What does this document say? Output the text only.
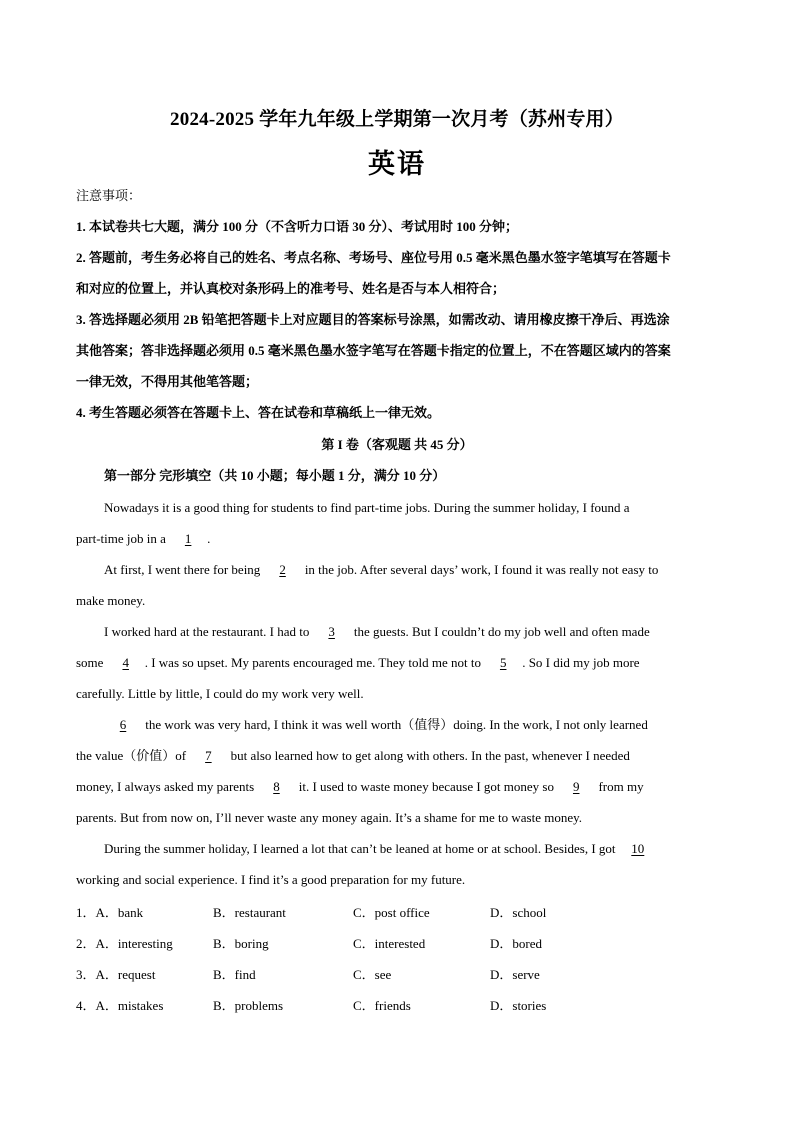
2024-2025 学年九年级上学期第一次月考（苏州专用）
英语
注意事项：
1. 本试卷共七大题，满分 100 分（不含听力口语 30 分）、考试用时 100 分钟；
2. 答题前，考生务必将自己的姓名、考点名称、考场号、座位号用 0.5 毫米黑色墨水签字笔填写在答题卡
和对应的位置上，并认真校对条形码上的准考号、姓名是否与本人相符合；
3. 答选择题必须用 2B 铅笔把答题卡上对应题目的答案标号涂黑，如需改动、请用橡皮擦干净后、再选涂
其他答案；答非选择题必须用 0.5 毫米黑色墨水签字笔写在答题卡指定的位置上，不在答题区域内的答案
一律无效，不得用其他笔答题；
4. 考生答题必须答在答题卡上、答在试卷和草稿纸上一律无效。
第 I 卷（客观题 共 45 分）
第一部分 完形填空（共 10 小题；每小题 1 分，满分 10 分）
Nowadays it is a good thing for students to find part-time jobs. During the summer holiday, I found a
part-time job in a 1 .
At first, I went there for being 2 in the job. After several days’ work, I found it was really not easy to
make money.
I worked hard at the restaurant. I had to 3 the guests. But I couldn’t do my job well and often made
some 4 . I was so upset. My parents encouraged me. They told me not to 5 . So I did my job more
carefully. Little by little, I could do my work very well.
6 the work was very hard, I think it was well worth（值得）doing. In the work, I not only learned
the value（价值）of 7 but also learned how to get along with others. In the past, whenever I needed
money, I always asked my parents 8 it. I used to waste money because I got money so 9 from my
parents. But from now on, I’ll never waste any money again. It’s a shame for me to waste money.
During the summer holiday, I learned a lot that can’t be leaned at home or at school. Besides, I got 10
working and social experience. I find it’s a good preparation for my future.
1．A．bank	B．restaurant	C．post office	D．school
2．A．interesting	B．boring	C．interested	D．bored
3．A．request	B．find	C．see	D．serve
4．A．mistakes	B．problems	C．friends	D．stories
